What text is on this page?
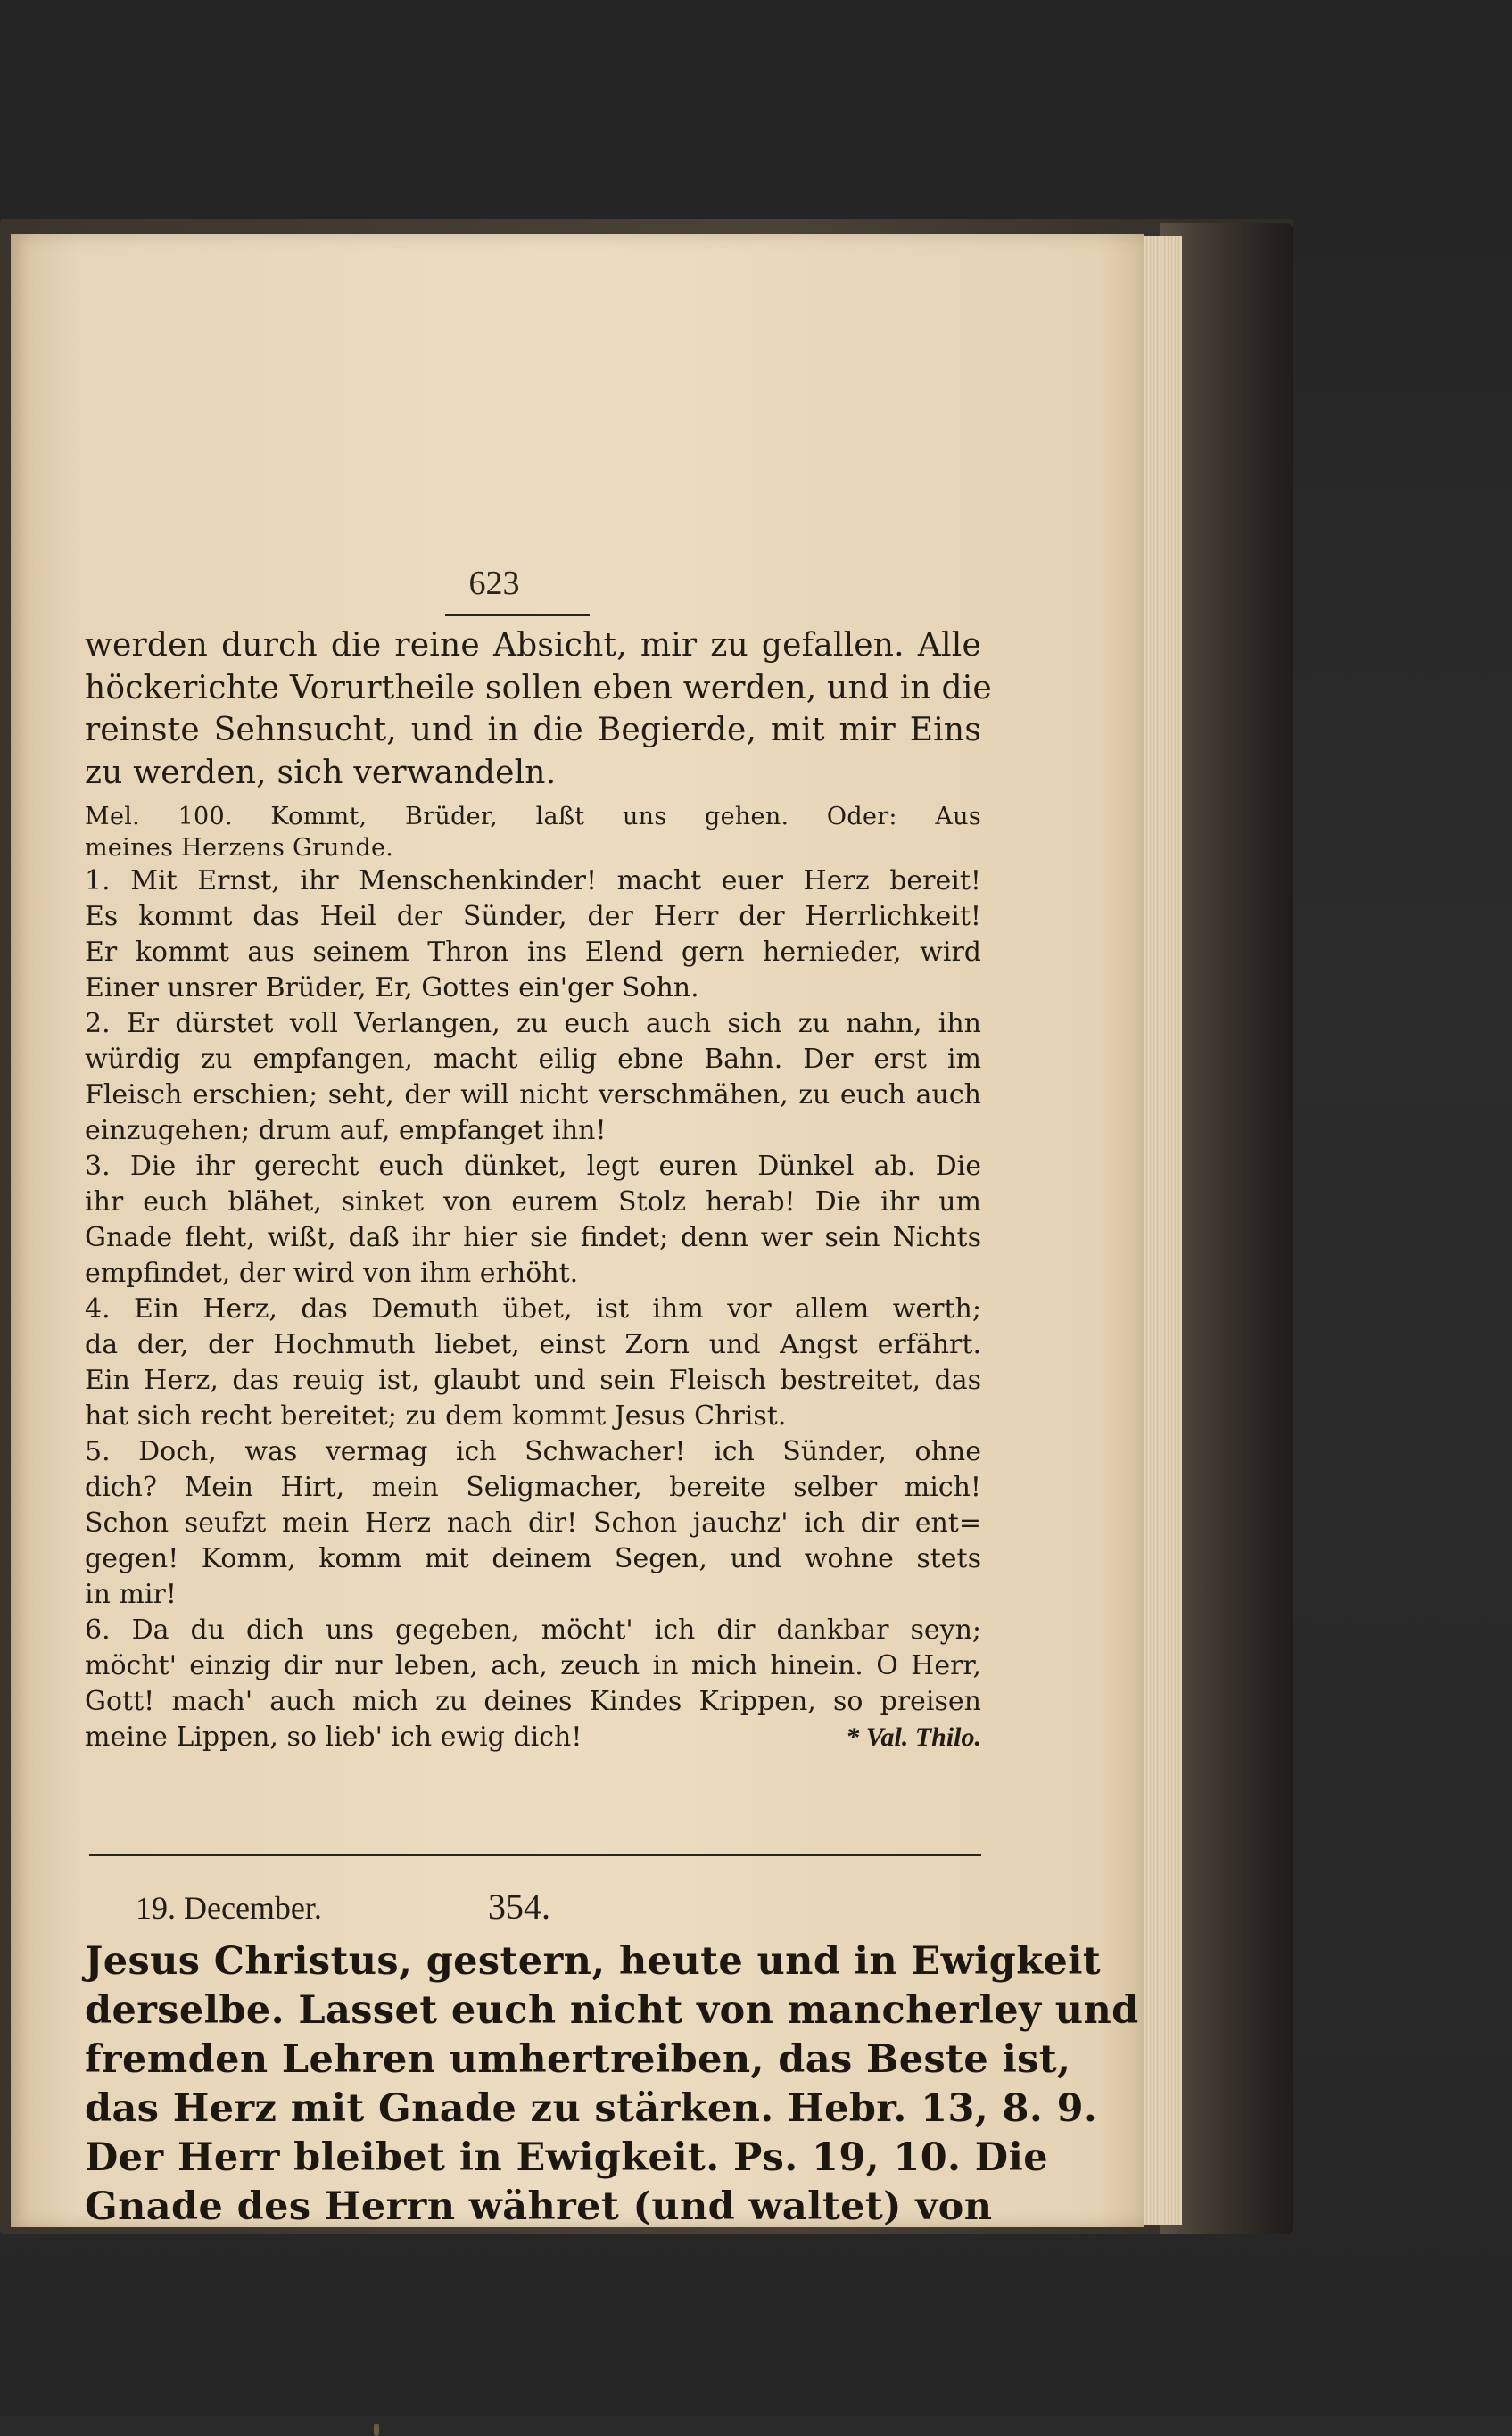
623
werden durch die reine Absicht, mir zu gefallen. Alle
höckerichte Vorurtheile sollen eben werden, und in die
reinste Sehnsucht, und in die Begierde, mit mir Eins
zu werden, sich verwandeln.
Mel. 100. Kommt, Brüder, laßt uns gehen. Oder: Aus
meines Herzens Grunde.
1. Mit Ernst, ihr Menschenkinder! macht euer Herz bereit!
Es kommt das Heil der Sünder, der Herr der Herrlichkeit!
Er kommt aus seinem Thron ins Elend gern hernieder, wird
Einer unsrer Brüder, Er, Gottes ein'ger Sohn.
2. Er dürstet voll Verlangen, zu euch auch sich zu nahn, ihn
würdig zu empfangen, macht eilig ebne Bahn. Der erst im
Fleisch erschien; seht, der will nicht verschmähen, zu euch auch
einzugehen; drum auf, empfanget ihn!
3. Die ihr gerecht euch dünket, legt euren Dünkel ab. Die
ihr euch blähet, sinket von eurem Stolz herab! Die ihr um
Gnade fleht, wißt, daß ihr hier sie findet; denn wer sein Nichts
empfindet, der wird von ihm erhöht.
4. Ein Herz, das Demuth übet, ist ihm vor allem werth;
da der, der Hochmuth liebet, einst Zorn und Angst erfährt.
Ein Herz, das reuig ist, glaubt und sein Fleisch bestreitet, das
hat sich recht bereitet; zu dem kommt Jesus Christ.
5. Doch, was vermag ich Schwacher! ich Sünder, ohne
dich? Mein Hirt, mein Seligmacher, bereite selber mich!
Schon seufzt mein Herz nach dir! Schon jauchz' ich dir ent=
gegen! Komm, komm mit deinem Segen, und wohne stets
in mir!
6. Da du dich uns gegeben, möcht' ich dir dankbar seyn;
möcht' einzig dir nur leben, ach, zeuch in mich hinein. O Herr,
Gott! mach' auch mich zu deines Kindes Krippen, so preisen
meine Lippen, so lieb' ich ewig dich!	* Val. Thilo.
19. December.	354.
Jesus Christus, gestern, heute und in Ewigkeit
derselbe. Lasset euch nicht von mancherley und
fremden Lehren umhertreiben, das Beste ist,
das Herz mit Gnade zu stärken. Hebr. 13, 8. 9.
Der Herr bleibet in Ewigkeit. Ps. 19, 10. Die
Gnade des Herrn währet (und waltet) von
